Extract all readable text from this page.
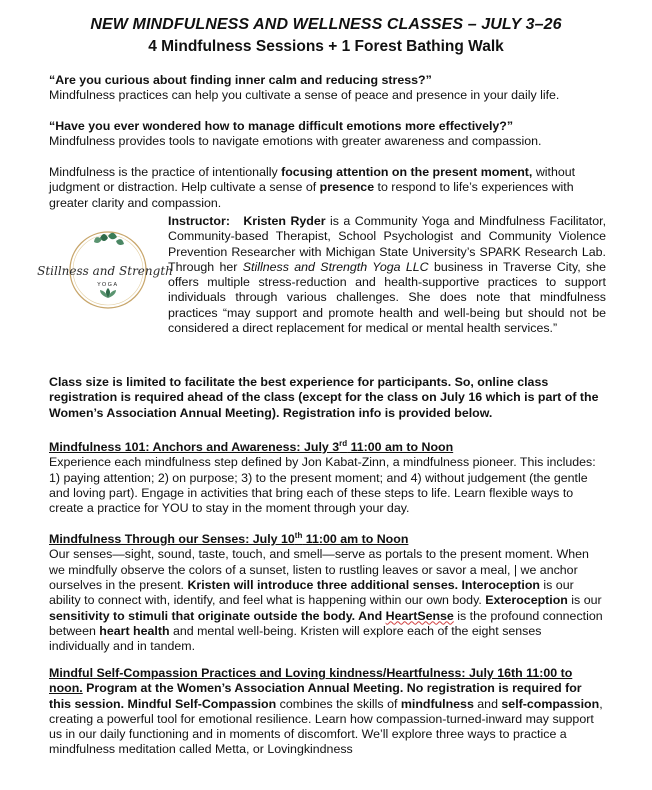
NEW MINDFULNESS AND WELLNESS CLASSES – JULY 3–26
4 Mindfulness Sessions + 1 Forest Bathing Walk
“Are you curious about finding inner calm and reducing stress?”
Mindfulness practices can help you cultivate a sense of peace and presence in your daily life.
“Have you ever wondered how to manage difficult emotions more effectively?”
Mindfulness provides tools to navigate emotions with greater awareness and compassion.
Mindfulness is the practice of intentionally focusing attention on the present moment, without judgment or distraction. Help cultivate a sense of presence to respond to life’s experiences with greater clarity and compassion.
Stillness and Strength
YOGA
Instructor: Kristen Ryder is a Community Yoga and Mindfulness Facilitator, Community-based Therapist, School Psychologist and Community Violence Prevention Researcher with Michigan State University’s SPARK Research Lab. Through her Stillness and Strength Yoga LLC business in Traverse City, she offers multiple stress-reduction and health-supportive practices to support individuals through various challenges. She does note that mindfulness practices “may support and promote health and well-being but should not be considered a direct replacement for medical or mental health services.”
Class size is limited to facilitate the best experience for participants. So, online class registration is required ahead of the class (except for the class on July 16 which is part of the Women’s Association Annual Meeting). Registration info is provided below.
Mindfulness 101: Anchors and Awareness: July 3rd 11:00 am to Noon
Experience each mindfulness step defined by Jon Kabat-Zinn, a mindfulness pioneer. This includes: 1) paying attention; 2) on purpose; 3) to the present moment; and 4) without judgement (the gentle and loving part). Engage in activities that bring each of these steps to life. Learn flexible ways to create a practice for YOU to stay in the moment through your day.
Mindfulness Through our Senses: July 10th 11:00 am to Noon
Our senses—sight, sound, taste, touch, and smell—serve as portals to the present moment. When we mindfully observe the colors of a sunset, listen to rustling leaves or savor a meal, | we anchor ourselves in the present. Kristen will introduce three additional senses. Interoception is our ability to connect with, identify, and feel what is happening within our own body. Exteroception is our sensitivity to stimuli that originate outside the body. And HeartSense is the profound connection between heart health and mental well-being. Kristen will explore each of the eight senses individually and in tandem.
Mindful Self-Compassion Practices and Loving kindness/Heartfulness: July 16th 11:00 to noon. Program at the Women’s Association Annual Meeting. No registration is required for this session. Mindful Self-Compassion combines the skills of mindfulness and self-compassion, creating a powerful tool for emotional resilience. Learn how compassion-turned-inward may support us in our daily functioning and in moments of discomfort. We’ll explore three ways to practice a mindfulness meditation called Metta, or Lovingkindness
